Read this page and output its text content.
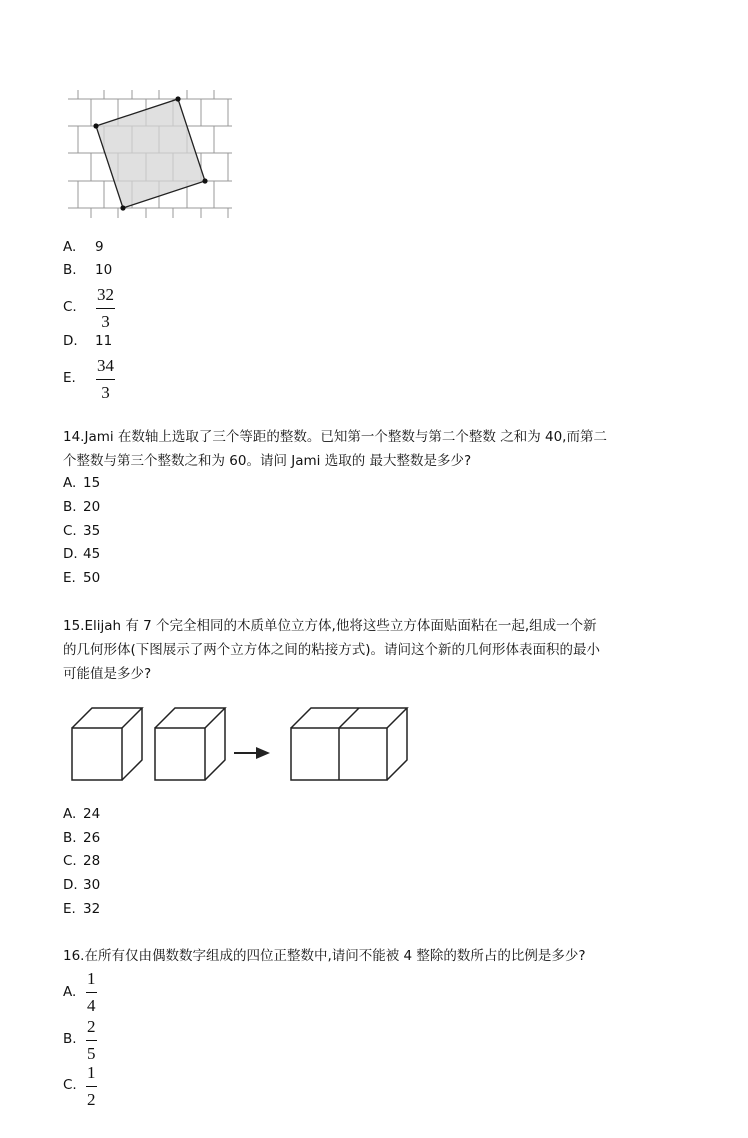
A. 9
B. 10
C. $\frac{32}{3}$
D. 11
E. $\frac{34}{3}$
14.Jami 在数轴上选取了三个等距的整数。已知第一个整数与第二个整数 之和为 40,而第二
个整数与第三个整数之和为 60。请问 Jami 选取的 最大整数是多少?
A. 15
B. 20
C. 35
D. 45
E. 50
15.Elijah 有 7 个完全相同的木质单位立方体,他将这些立方体面贴面粘在一起,组成一个新
的几何形体(下图展示了两个立方体之间的粘接方式)。请问这个新的几何形体表面积的最小
可能值是多少?
A. 24
B. 26
C. 28
D. 30
E. 32
16.在所有仅由偶数数字组成的四位正整数中,请问不能被 4 整除的数所占的比例是多少?
A. $\frac{1}{4}$
B. $\frac{2}{5}$
C. $\frac{1}{2}$
